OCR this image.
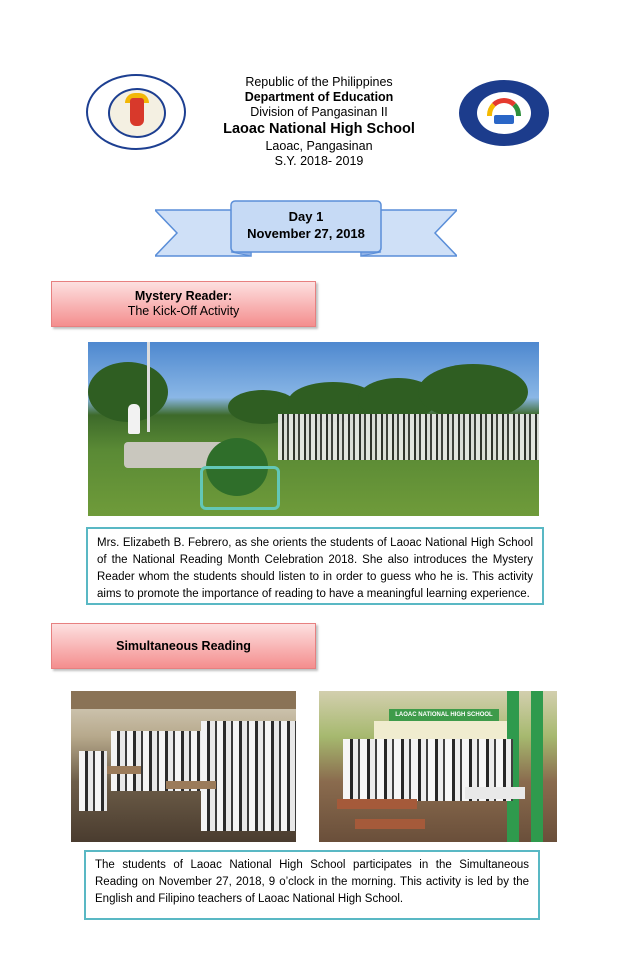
Republic of the Philippines
Department of Education
Division of Pangasinan II
Laoac National High School
Laoac, Pangasinan
S.Y. 2018- 2019
Day 1
November 27, 2018
Mystery Reader:
The Kick-Off Activity
Mrs. Elizabeth B. Febrero, as she orients the students of Laoac National High School of the National Reading Month Celebration 2018. She also introduces the Mystery Reader whom the students should listen to in order to guess who he is. This activity aims to promote the importance of reading to have a meaningful learning experience.
Simultaneous Reading
LAOAC NATIONAL HIGH SCHOOL
The students of Laoac National High School participates in the Simultaneous Reading on November 27, 2018, 9 o’clock in the morning. This activity is led by the English and Filipino teachers of Laoac National High School.
